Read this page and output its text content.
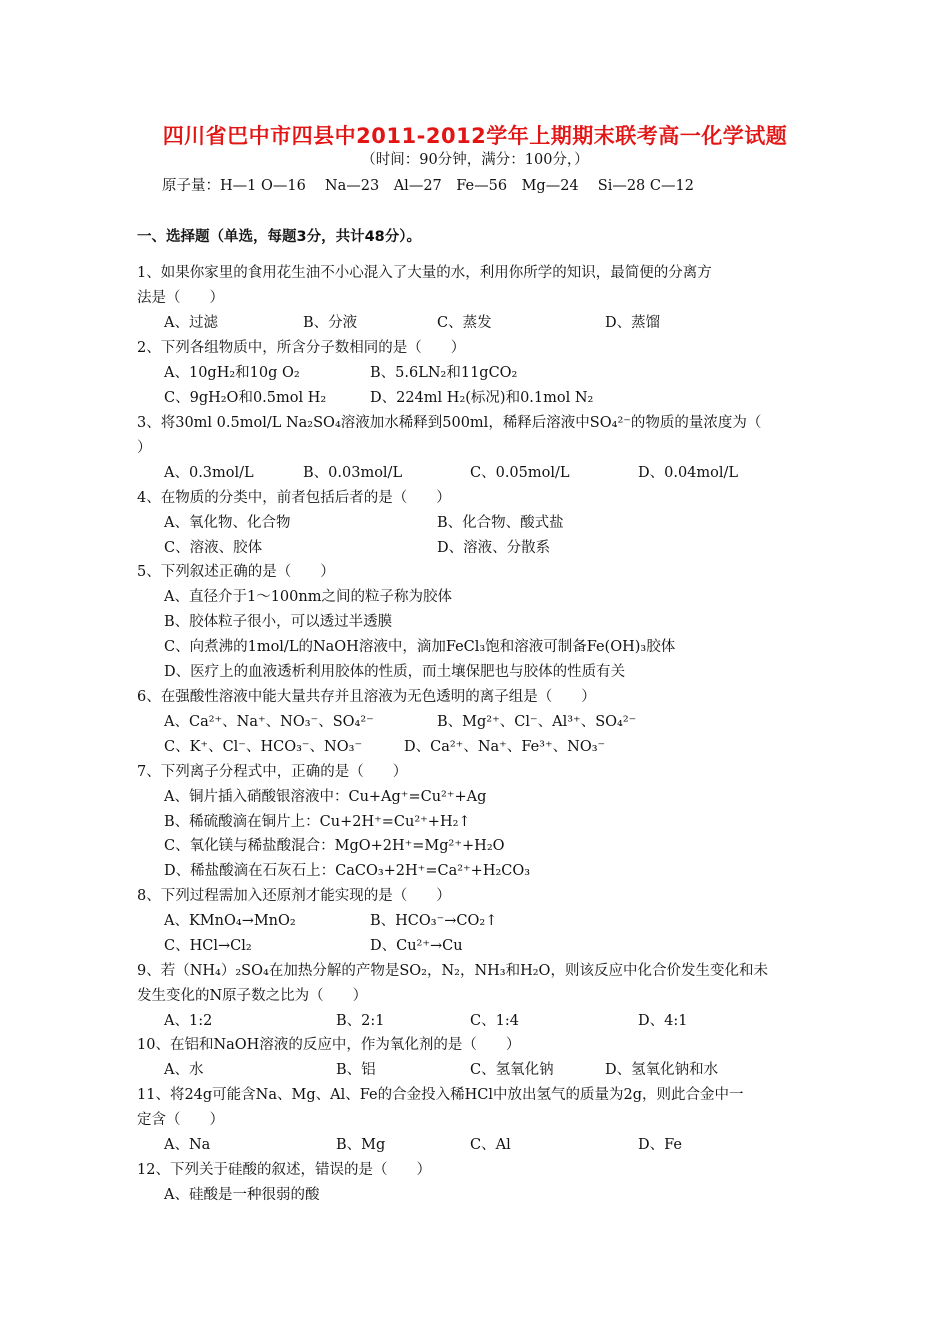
四川省巴中市四县中2011-2012学年上期期末联考高一化学试题
（时间：90分钟，满分：100分，）
原子量：H—1 O—16　 Na—23　Al—27　Fe—56　Mg—24　 Si—28 C—12
一、选择题（单选，每题3分，共计48分）。
1、如果你家里的食用花生油不小心混入了大量的水，利用你所学的知识，最简便的分离方
法是（　　）
A、过滤	B、分液	C、蒸发	D、蒸馏
2、下列各组物质中，所含分子数相同的是（　　）
A、10gH₂和10g O₂	B、5.6LN₂和11gCO₂
C、9gH₂O和0.5mol H₂	D、224ml H₂(标况)和0.1mol N₂
3、将30ml 0.5mol/L Na₂SO₄溶液加水稀释到500ml，稀释后溶液中SO₄²⁻的物质的量浓度为（
）
A、0.3mol/L	B、0.03mol/L	C、0.05mol/L	D、0.04mol/L
4、在物质的分类中，前者包括后者的是（　　）
A、氧化物、化合物	B、化合物、酸式盐
C、溶液、胶体	D、溶液、分散系
5、下列叙述正确的是（　　）
A、直径介于1～100nm之间的粒子称为胶体
B、胶体粒子很小，可以透过半透膜
C、向煮沸的1mol/L的NaOH溶液中，滴加FeCl₃饱和溶液可制备Fe(OH)₃胶体
D、医疗上的血液透析利用胶体的性质，而土壤保肥也与胶体的性质有关
6、在强酸性溶液中能大量共存并且溶液为无色透明的离子组是（　　）
A、Ca²⁺、Na⁺、NO₃⁻、SO₄²⁻	B、Mg²⁺、Cl⁻、Al³⁺、SO₄²⁻
C、K⁺、Cl⁻、HCO₃⁻、NO₃⁻	D、Ca²⁺、Na⁺、Fe³⁺、NO₃⁻
7、下列离子分程式中，正确的是（　　）
A、铜片插入硝酸银溶液中：Cu+Ag⁺=Cu²⁺+Ag
B、稀硫酸滴在铜片上：Cu+2H⁺=Cu²⁺+H₂↑
C、氧化镁与稀盐酸混合：MgO+2H⁺=Mg²⁺+H₂O
D、稀盐酸滴在石灰石上：CaCO₃+2H⁺=Ca²⁺+H₂CO₃
8、下列过程需加入还原剂才能实现的是（　　）
A、KMnO₄→MnO₂	B、HCO₃⁻→CO₂↑
C、HCl→Cl₂	D、Cu²⁺→Cu
9、若（NH₄）₂SO₄在加热分解的产物是SO₂，N₂，NH₃和H₂O，则该反应中化合价发生变化和未
发生变化的N原子数之比为（　　）
A、1:2	B、2:1	C、1:4	D、4:1
10、在铝和NaOH溶液的反应中，作为氧化剂的是（　　）
A、水	B、铝	C、氢氧化钠	D、氢氧化钠和水
11、将24g可能含Na、Mg、Al、Fe的合金投入稀HCl中放出氢气的质量为2g，则此合金中一
定含（　　）
A、Na	B、Mg	C、Al	D、Fe
12、下列关于硅酸的叙述，错误的是（　　）
A、硅酸是一种很弱的酸
